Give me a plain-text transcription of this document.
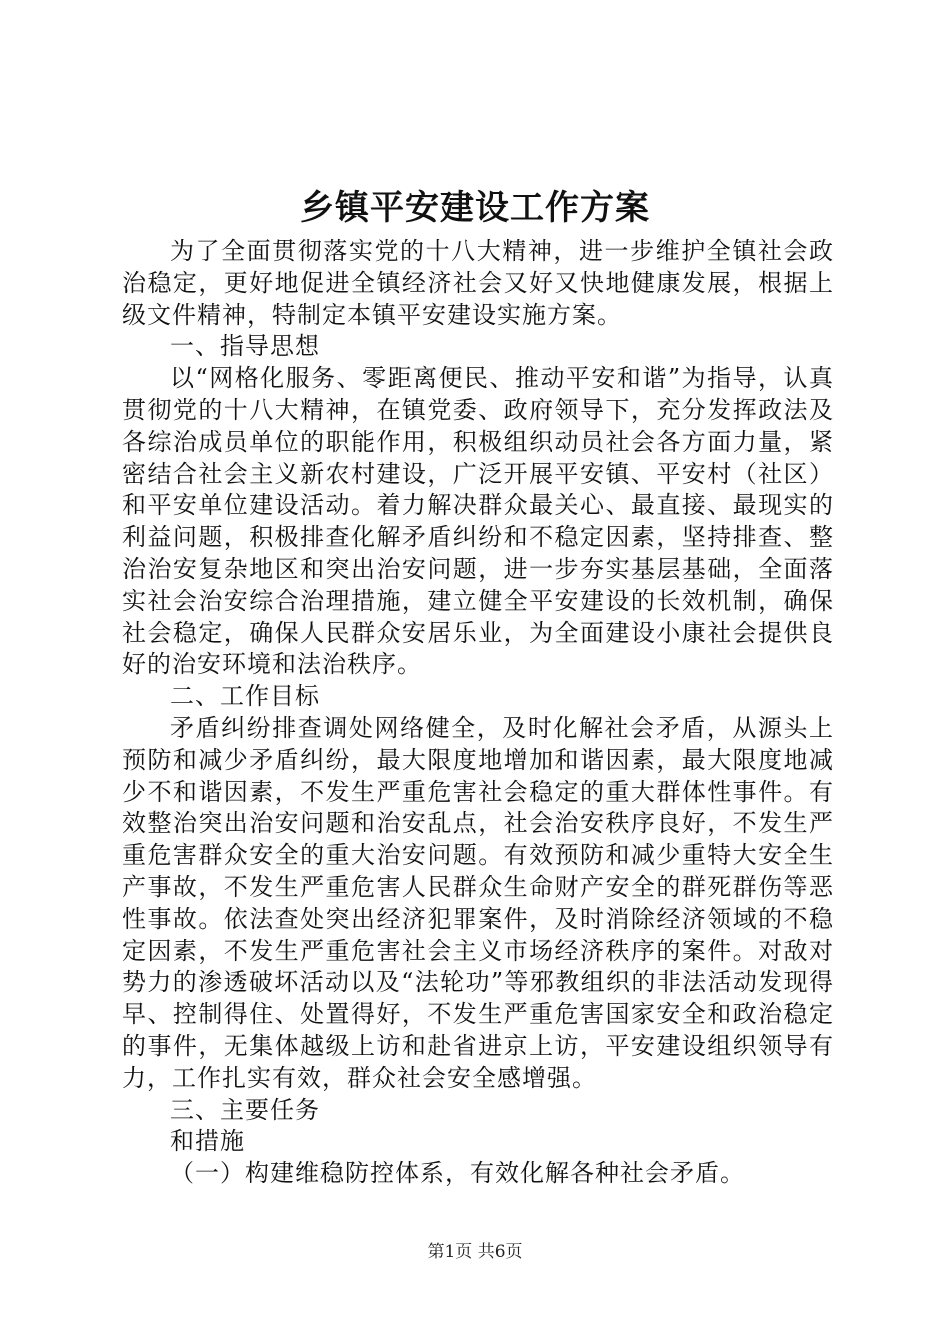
乡镇平安建设工作方案

为了全面贯彻落实党的十八大精神，进一步维护全镇社会政治稳定，更好地促进全镇经济社会又好又快地健康发展，根据上级文件精神，特制定本镇平安建设实施方案。

一、指导思想

以“网格化服务、零距离便民、推动平安和谐”为指导，认真贯彻党的十八大精神，在镇党委、政府领导下，充分发挥政法及各综治成员单位的职能作用，积极组织动员社会各方面力量，紧密结合社会主义新农村建设，广泛开展平安镇、平安村（社区）和平安单位建设活动。着力解决群众最关心、最直接、最现实的利益问题，积极排查化解矛盾纠纷和不稳定因素，坚持排查、整治治安复杂地区和突出治安问题，进一步夯实基层基础，全面落实社会治安综合治理措施，建立健全平安建设的长效机制，确保社会稳定，确保人民群众安居乐业，为全面建设小康社会提供良好的治安环境和法治秩序。

二、工作目标

矛盾纠纷排查调处网络健全，及时化解社会矛盾，从源头上预防和减少矛盾纠纷，最大限度地增加和谐因素，最大限度地减少不和谐因素，不发生严重危害社会稳定的重大群体性事件。有效整治突出治安问题和治安乱点，社会治安秩序良好，不发生严重危害群众安全的重大治安问题。有效预防和减少重特大安全生产事故，不发生严重危害人民群众生命财产安全的群死群伤等恶性事故。依法查处突出经济犯罪案件，及时消除经济领域的不稳定因素，不发生严重危害社会主义市场经济秩序的案件。对敌对势力的渗透破坏活动以及“法轮功”等邪教组织的非法活动发现得早、控制得住、处置得好，不发生严重危害国家安全和政治稳定的事件，无集体越级上访和赴省进京上访，平安建设组织领导有力，工作扎实有效，群众社会安全感增强。

三、主要任务

和措施

（一）构建维稳防控体系，有效化解各种社会矛盾。

第1页 共6页
